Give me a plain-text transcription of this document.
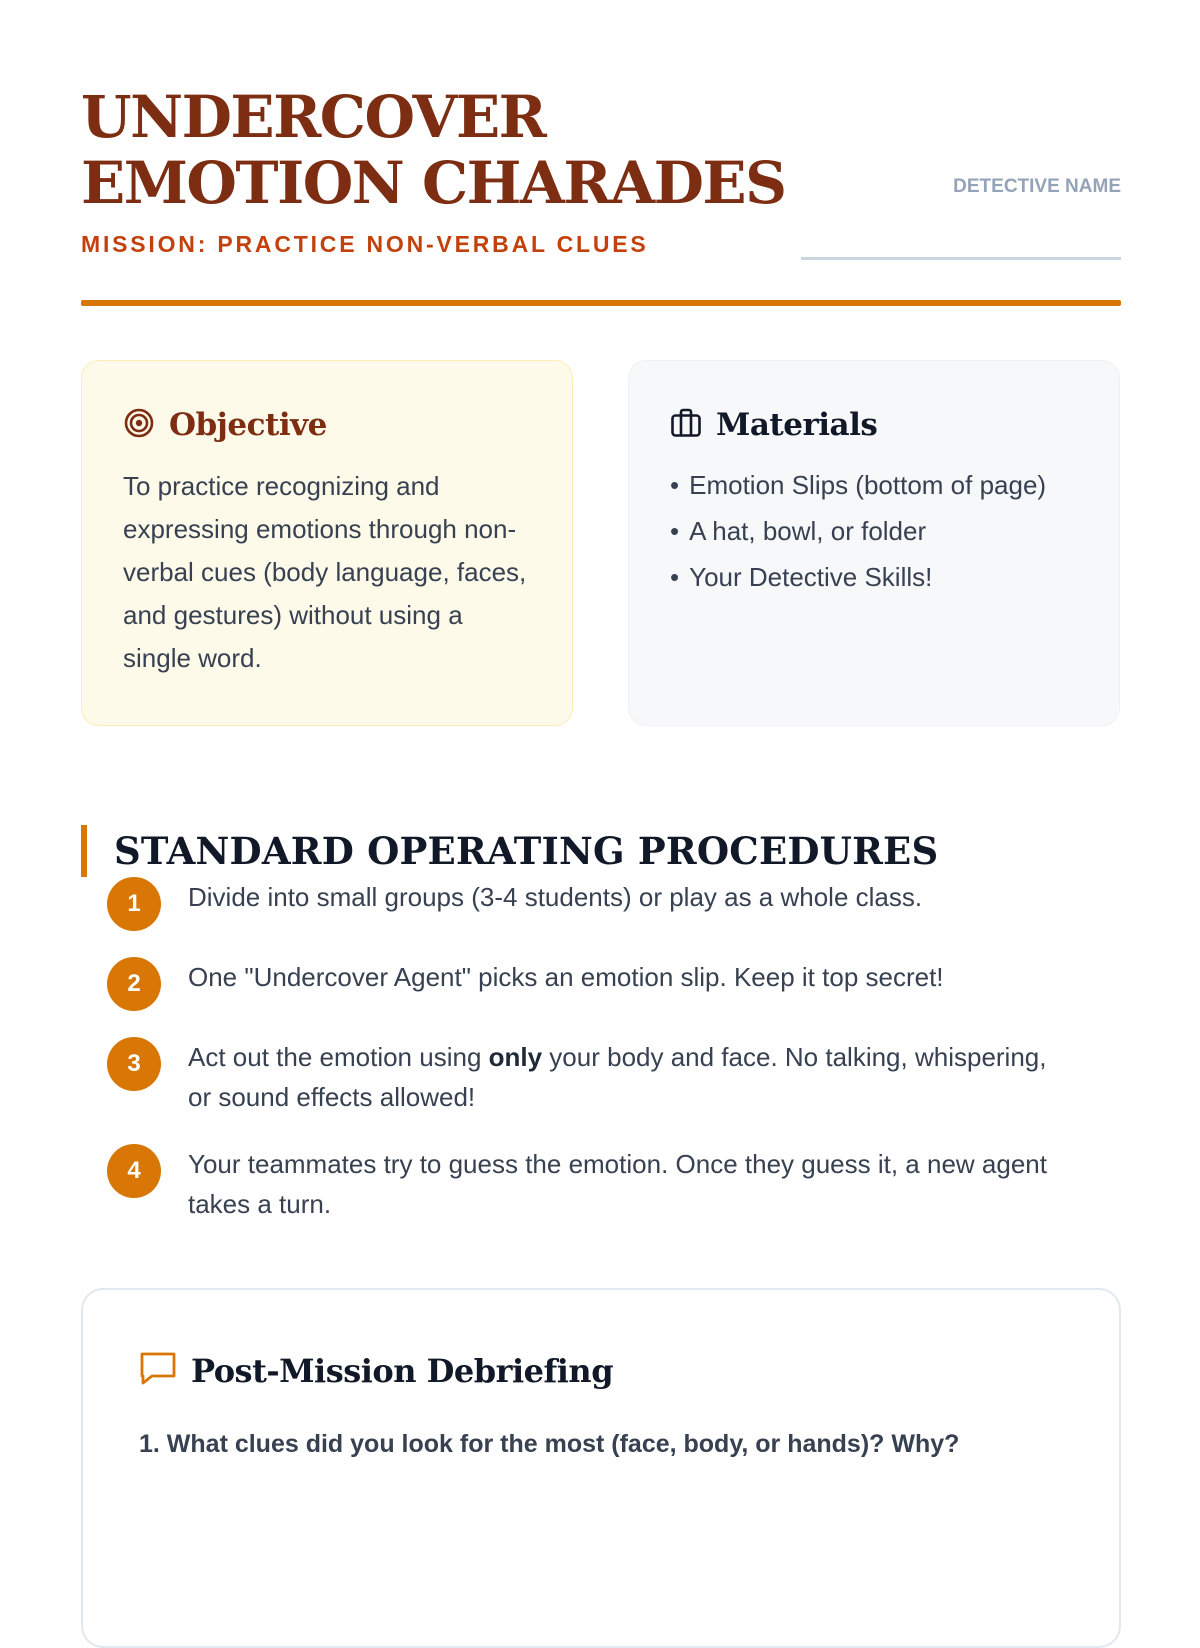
UNDERCOVER EMOTION CHARADES
MISSION: PRACTICE NON-VERBAL CLUES
DETECTIVE NAME
Objective
To practice recognizing and expressing emotions through non-verbal cues (body language, faces, and gestures) without using a single word.
Materials
• Emotion Slips (bottom of page)
• A hat, bowl, or folder
• Your Detective Skills!
STANDARD OPERATING PROCEDURES
1	Divide into small groups (3-4 students) or play as a whole class.
2	One "Undercover Agent" picks an emotion slip. Keep it top secret!
3	Act out the emotion using only your body and face. No talking, whispering, or sound effects allowed!
4	Your teammates try to guess the emotion. Once they guess it, a new agent takes a turn.
Post-Mission Debriefing
1. What clues did you look for the most (face, body, or hands)? Why?
